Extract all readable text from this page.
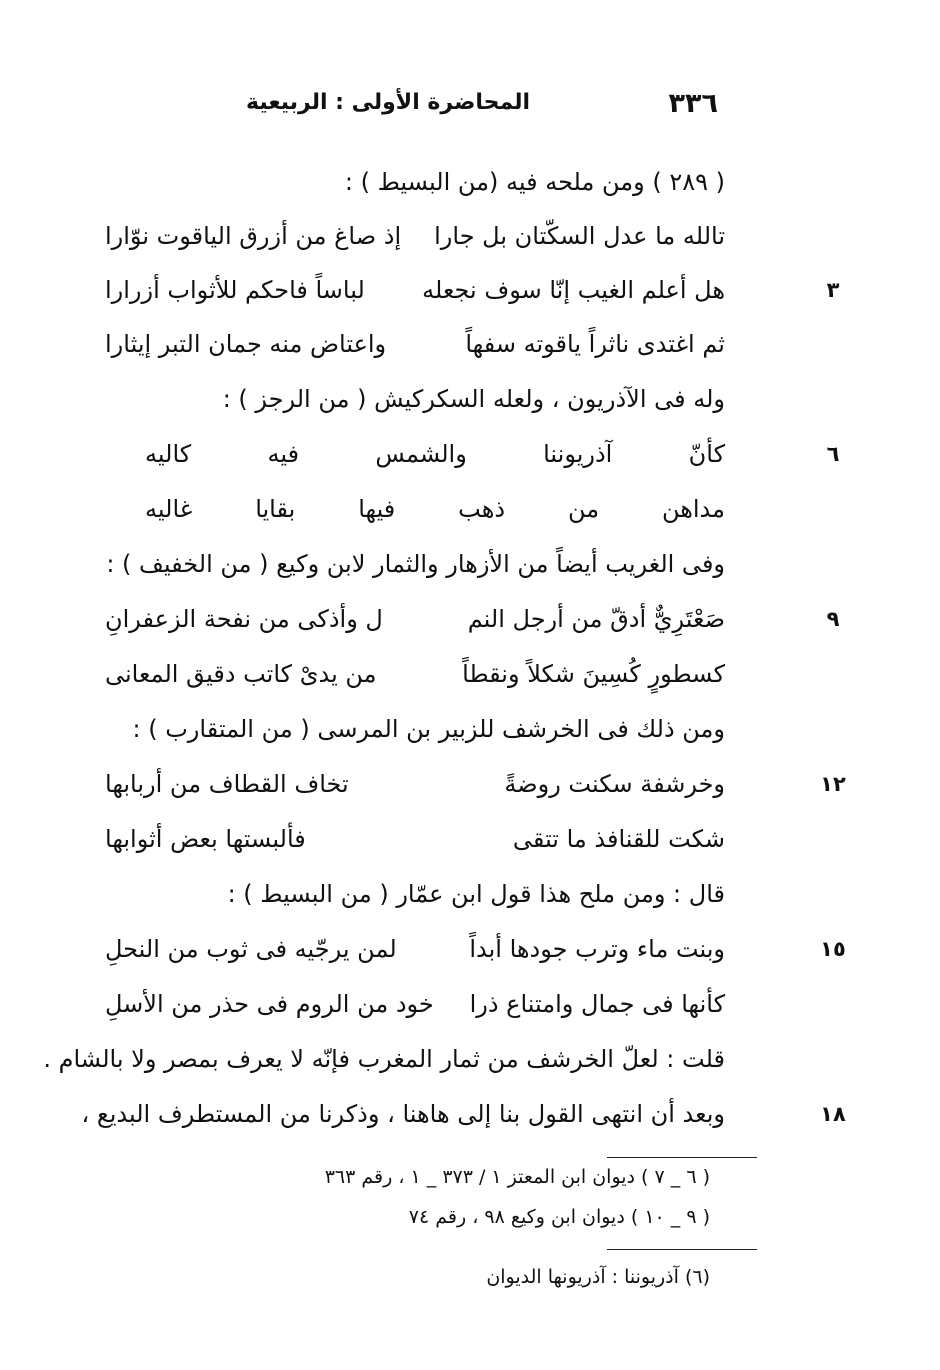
٣٣٦
المحاضرة الأولى : الربيعية
( ٢٨٩ ) ومن ملحه فيه (من البسيط ) :
تالله ما عدل السكّتان بل جارا
إذ صاغ من أزرق الياقوت نوّارا
٣
هل أعلم الغيب إنّا سوف نجعله
لباساً فاحكم للأثواب أزرارا
ثم اغتدى ناثراً ياقوته سفهاً
واعتاض منه جمان التبر إيثارا
وله فى الآذريون ، ولعله السكركيش ( من الرجز ) :
٦
كأنّ
آذريوننا
والشمس
فيه
كاليه
مداهن
من
ذهب
فيها
بقايا
غاليه
وفى الغريب أيضاً من الأزهار والثمار لابن وكيع ( من الخفيف ) :
٩
صَعْتَرِيٌّ أدقّ من أرجل النم
ل وأذكى من نفحة الزعفرانِ
كسطورٍ كُسِينَ شكلاً ونقطاً
من يدىْ كاتب دقيق المعانى
ومن ذلك فى الخرشف للزبير بن المرسى ( من المتقارب ) :
١٢
وخرشفة سكنت روضةً
تخاف القطاف من أربابها
شكت للقنافذ ما تتقى
فألبستها بعض أثوابها
قال : ومن ملح هذا قول ابن عمّار ( من البسيط ) :
١٥
وبنت ماء وترب جودها أبداً
لمن يرجّيه فى ثوب من النحلِ
كأنها فى جمال وامتناع ذرا
خود من الروم فى حذر من الأسلِ
قلت : لعلّ الخرشف من ثمار المغرب فإنّه لا يعرف بمصر ولا بالشام .
١٨
وبعد أن انتهى القول بنا إلى هاهنا ، وذكرنا من المستطرف البديع ،
( ٦ _ ٧ ) ديوان ابن المعتز ١ / ٣٧٣ _ ١ ، رقم ٣٦٣
( ٩ _ ١٠ ) ديوان ابن وكيع ٩٨ ، رقم ٧٤
(٦) آذريوننا : آذريونها الديوان
